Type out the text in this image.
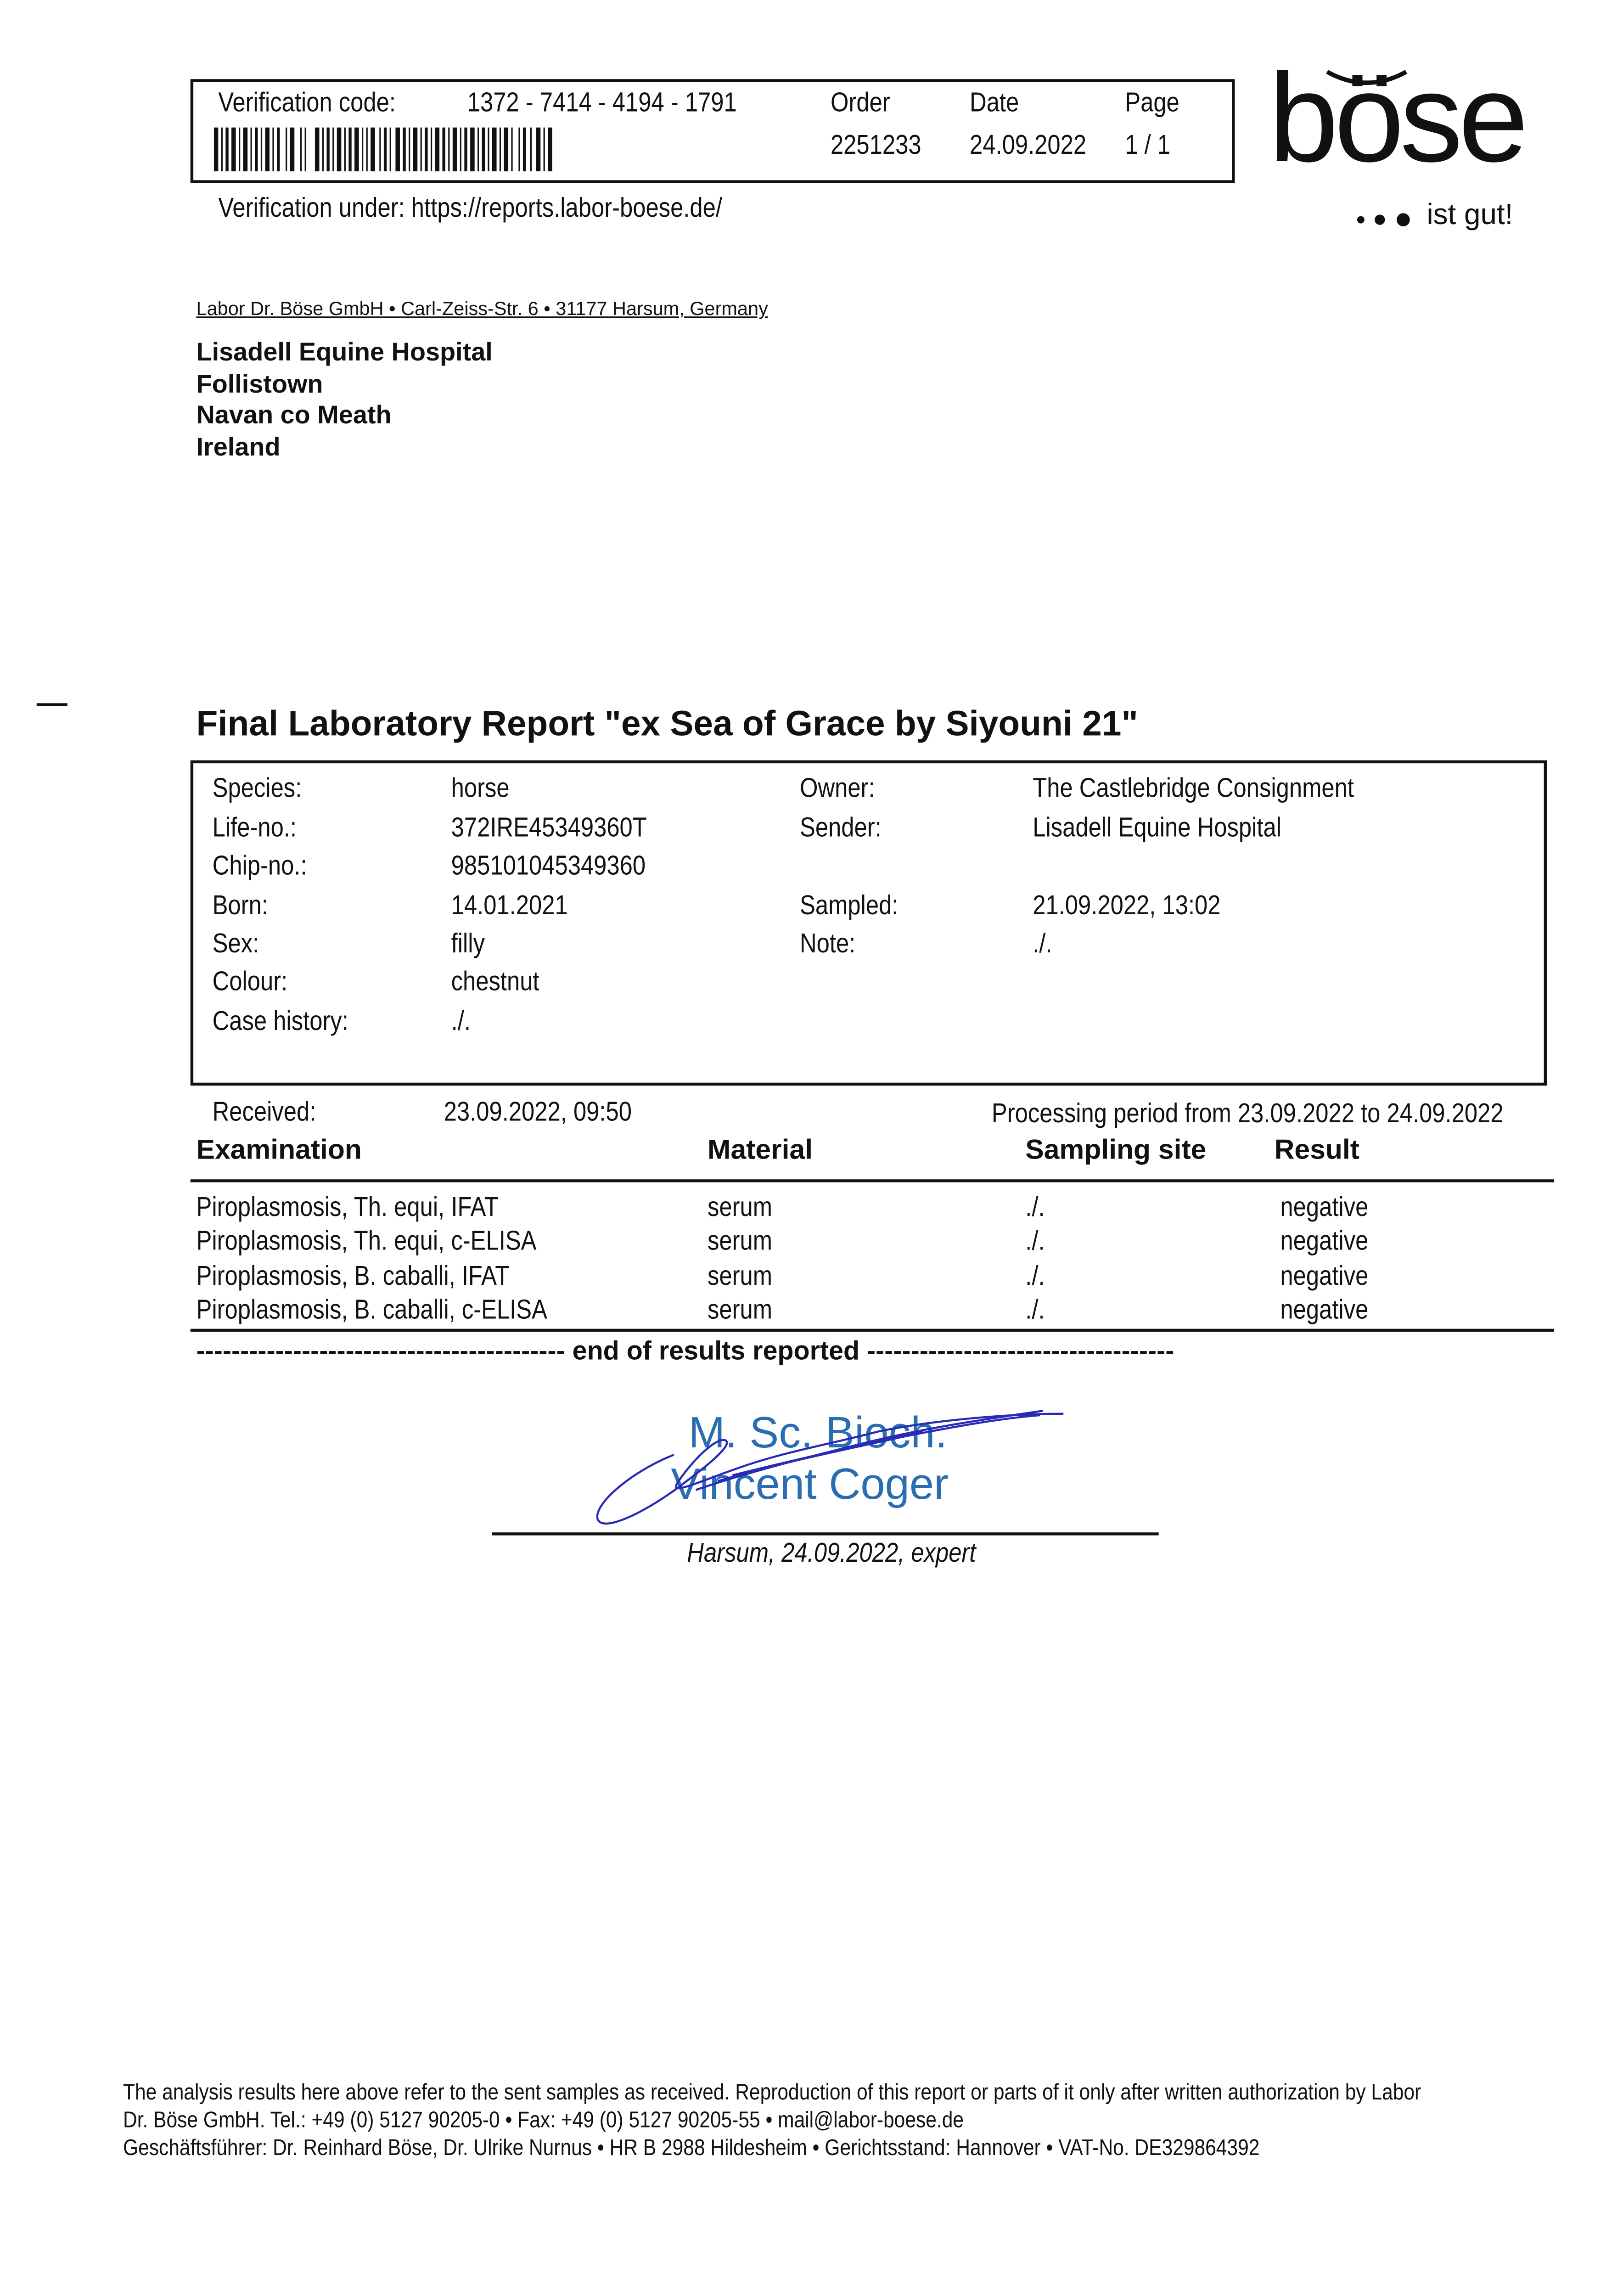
Verification code:	1372 - 7414 - 4194 - 1791	Order	Date	Page
2251233	24.09.2022	1 / 1
Verification under: https://reports.labor-boese.de/
böse
ist gut!
Labor Dr. Böse GmbH • Carl-Zeiss-Str. 6 • 31177 Harsum, Germany
Lisadell Equine Hospital
Follistown
Navan co Meath
Ireland
Final Laboratory Report "ex Sea of Grace by Siyouni 21"
Species:	horse
Life-no.:	372IRE45349360T
Chip-no.:	985101045349360
Born:	14.01.2021
Sex:	filly
Colour:	chestnut
Case history:	./.
Owner:	The Castlebridge Consignment
Sender:	Lisadell Equine Hospital
Sampled:	21.09.2022, 13:02
Note:	./.
Received:	23.09.2022, 09:50	Processing period from 23.09.2022 to 24.09.2022
Examination	Material	Sampling site	Result
Piroplasmosis, Th. equi, IFAT	serum	./.	negative
Piroplasmosis, Th. equi, c-ELISA	serum	./.	negative
Piroplasmosis, B. caballi, IFAT	serum	./.	negative
Piroplasmosis, B. caballi, c-ELISA	serum	./.	negative
------------------------------------------ end of results reported -----------------------------------
M. Sc. Bioch.
Vincent Coger
Harsum, 24.09.2022, expert
The analysis results here above refer to the sent samples as received. Reproduction of this report or parts of it only after written authorization by Labor
Dr. Böse GmbH. Tel.: +49 (0) 5127 90205-0 • Fax: +49 (0) 5127 90205-55 • mail@labor-boese.de
Geschäftsführer: Dr. Reinhard Böse, Dr. Ulrike Nurnus • HR B 2988 Hildesheim • Gerichtsstand: Hannover • VAT-No. DE329864392
